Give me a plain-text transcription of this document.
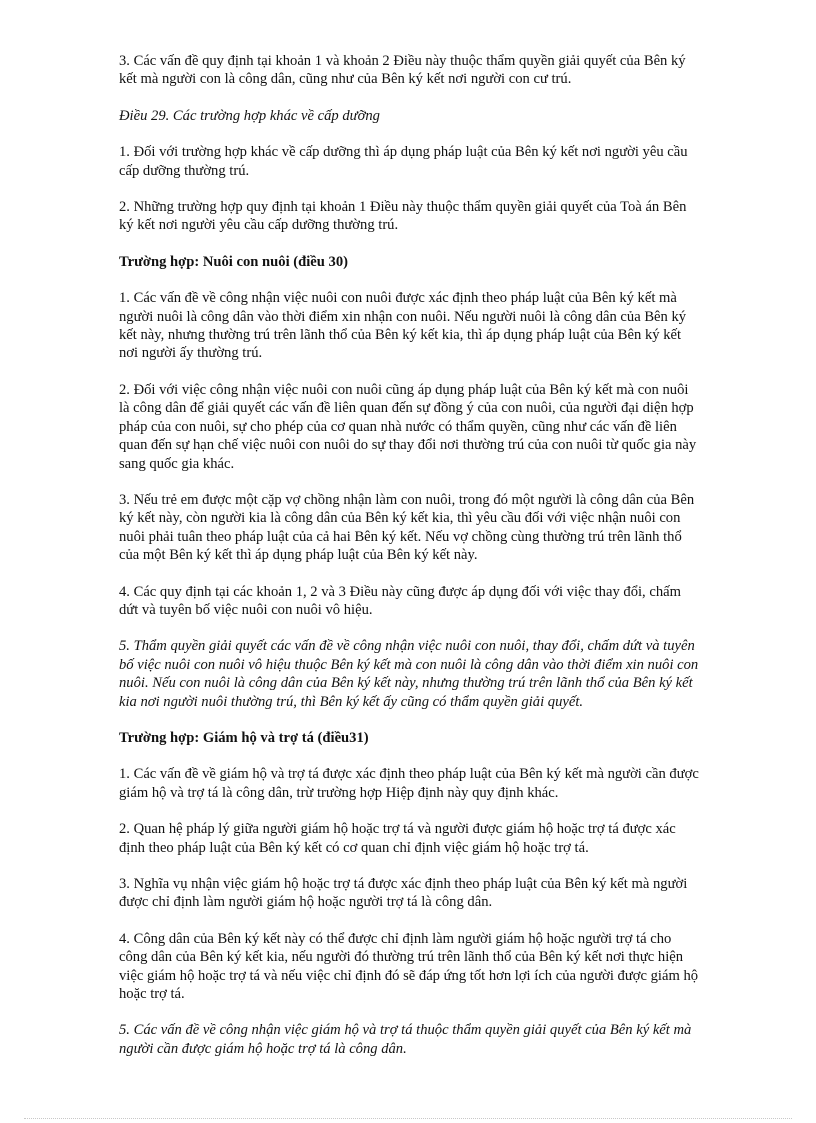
3. Các vấn đề quy định tại khoản 1 và khoản 2 Điều này thuộc thẩm quyền giải quyết của Bên ký kết mà người con là công dân, cũng như của Bên ký kết nơi người con cư trú.

Điều 29. Các trường hợp khác về cấp dưỡng

1. Đối với trường hợp khác về cấp dưỡng thì áp dụng pháp luật của Bên ký kết nơi người yêu cầu cấp dưỡng thường trú.

2. Những trường hợp quy định tại khoản 1 Điều này thuộc thẩm quyền giải quyết của Toà án Bên ký kết nơi người yêu cầu cấp dưỡng thường trú.

Trường hợp: Nuôi con nuôi (điều 30)

1. Các vấn đề về công nhận việc nuôi con nuôi được xác định theo pháp luật của Bên ký kết mà người nuôi là công dân vào thời điểm xin nhận con nuôi. Nếu người nuôi là công dân của Bên ký kết này, nhưng thường trú trên lãnh thổ của Bên ký kết kia, thì áp dụng pháp luật của Bên ký kết nơi người ấy thường trú.

2. Đối với việc công nhận việc nuôi con nuôi cũng áp dụng pháp luật của Bên ký kết mà con nuôi là công dân để giải quyết các vấn đề liên quan đến sự đồng ý của con nuôi, của người đại diện hợp pháp của con nuôi, sự cho phép của cơ quan nhà nước có thẩm quyền, cũng như các vấn đề liên quan đến sự hạn chế việc nuôi con nuôi do sự thay đổi nơi thường trú của con nuôi từ quốc gia này sang quốc gia khác.

3. Nếu trẻ em được một cặp vợ chồng nhận làm con nuôi, trong đó một người là công dân của Bên ký kết này, còn người kia là công dân của Bên ký kết kia, thì yêu cầu đối với việc nhận nuôi con nuôi phải tuân theo pháp luật của cả hai Bên ký kết. Nếu vợ chồng cùng thường trú trên lãnh thổ của một Bên ký kết thì áp dụng pháp luật của Bên ký kết này.

4. Các quy định tại các khoản 1, 2 và 3 Điều này cũng được áp dụng đối với việc thay đổi, chấm dứt và tuyên bố việc nuôi con nuôi vô hiệu.

5. Thẩm quyền giải quyết các vấn đề về công nhận việc nuôi con nuôi, thay đổi, chấm dứt và tuyên bố việc nuôi con nuôi vô hiệu thuộc Bên ký kết mà con nuôi là công dân vào thời điểm xin nuôi con nuôi. Nếu con nuôi là công dân của Bên ký kết này, nhưng thường trú trên lãnh thổ của Bên ký kết kia nơi người nuôi thường trú, thì Bên ký kết ấy cũng có thẩm quyền giải quyết.

Trường hợp: Giám hộ và trợ tá (điều31)

1. Các vấn đề về giám hộ và trợ tá được xác định theo pháp luật của Bên ký kết mà người cần được giám hộ và trợ tá là công dân, trừ trường hợp Hiệp định này quy định khác.

2. Quan hệ pháp lý giữa người giám hộ hoặc trợ tá và người được giám hộ hoặc trợ tá được xác định theo pháp luật của Bên ký kết có cơ quan chỉ định việc giám hộ hoặc trợ tá.

3. Nghĩa vụ nhận việc giám hộ hoặc trợ tá được xác định theo pháp luật của Bên ký kết mà người được chỉ định làm người giám hộ hoặc người trợ tá là công dân.

4. Công dân của Bên ký kết này có thể được chỉ định làm người giám hộ hoặc người trợ tá cho công dân của Bên ký kết kia, nếu người đó thường trú trên lãnh thổ của Bên ký kết nơi thực hiện việc giám hộ hoặc trợ tá và nếu việc chỉ định đó sẽ đáp ứng tốt hơn lợi ích của người được giám hộ hoặc trợ tá.

5. Các vấn đề về công nhận việc giám hộ và trợ tá thuộc thẩm quyền giải quyết của Bên ký kết mà người cần được giám hộ hoặc trợ tá là công dân.
